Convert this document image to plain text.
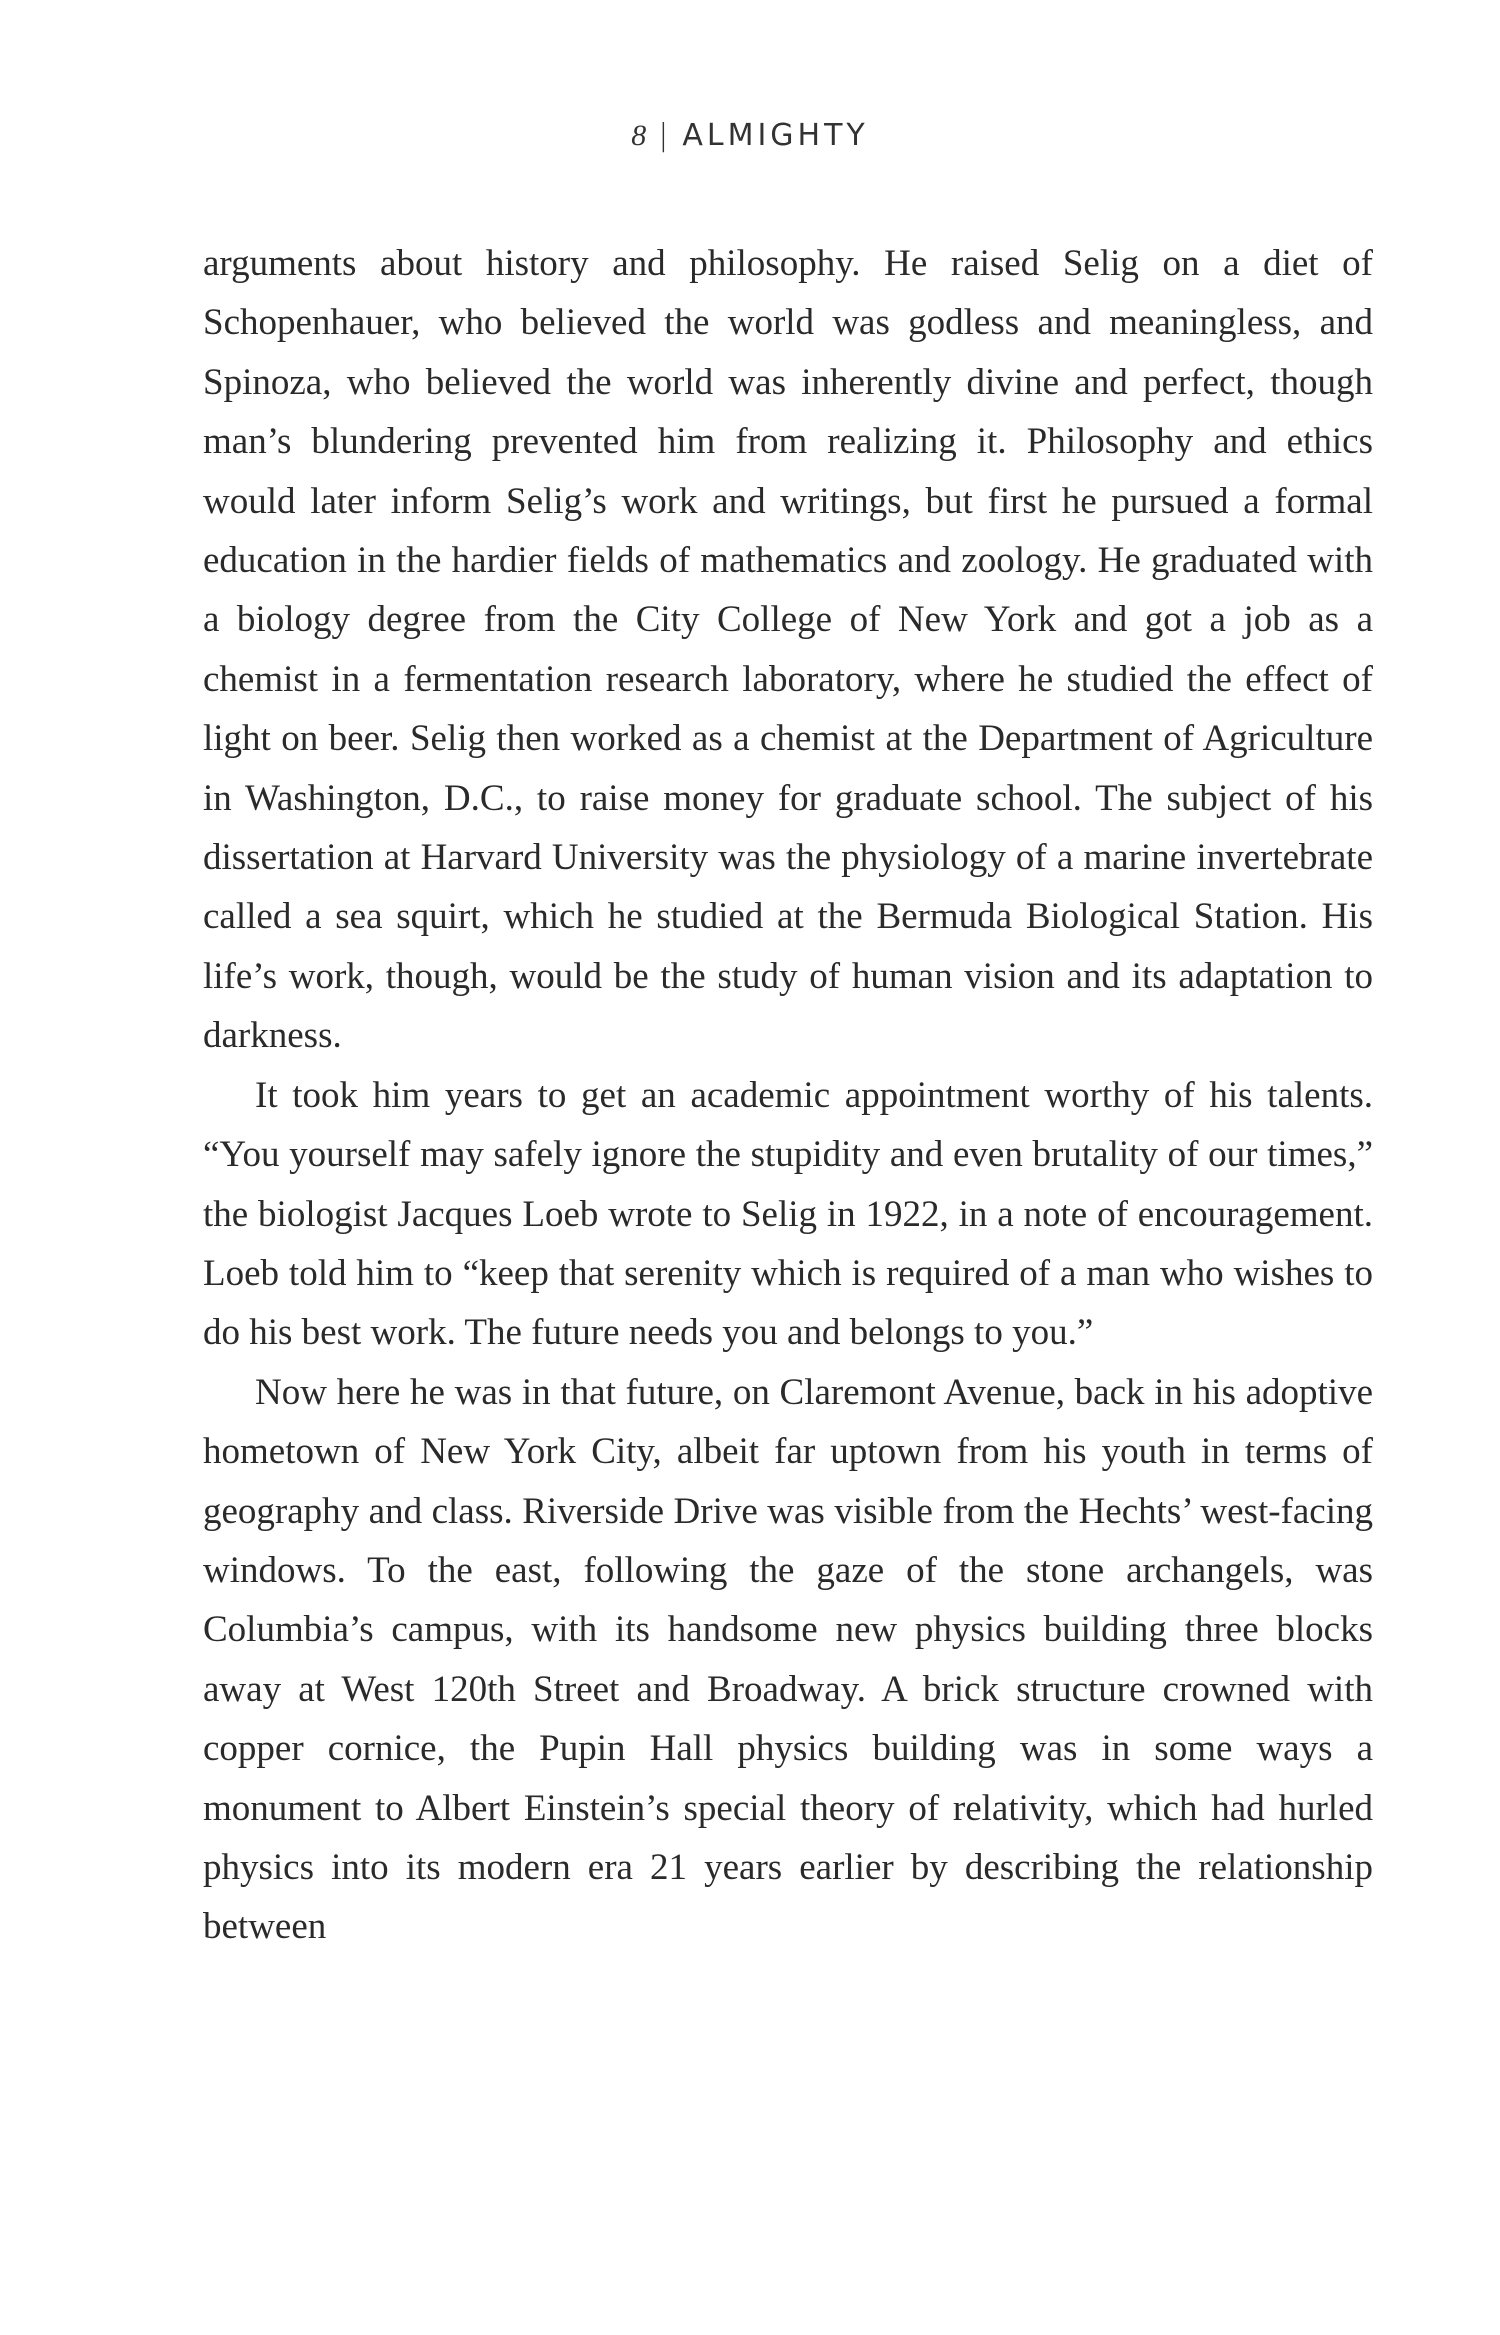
8 | ALMIGHTY

arguments about history and philosophy. He raised Selig on a diet of Schopenhauer, who believed the world was godless and meaningless, and Spinoza, who believed the world was inherently divine and perfect, though man’s blundering prevented him from realizing it. Philosophy and ethics would later inform Selig’s work and writings, but first he pursued a formal education in the hardier fields of mathematics and zoology. He graduated with a biology degree from the City College of New York and got a job as a chemist in a fermentation research laboratory, where he studied the effect of light on beer. Selig then worked as a chemist at the Department of Agriculture in Washington, D.C., to raise money for graduate school. The subject of his dissertation at Harvard University was the physiology of a marine invertebrate called a sea squirt, which he studied at the Bermuda Biological Station. His life’s work, though, would be the study of human vision and its adaptation to darkness.

It took him years to get an academic appointment worthy of his talents. “You yourself may safely ignore the stupidity and even brutality of our times,” the biologist Jacques Loeb wrote to Selig in 1922, in a note of encouragement. Loeb told him to “keep that serenity which is required of a man who wishes to do his best work. The future needs you and belongs to you.”

Now here he was in that future, on Claremont Avenue, back in his adoptive hometown of New York City, albeit far uptown from his youth in terms of geography and class. Riverside Drive was visible from the Hechts’ west-facing windows. To the east, following the gaze of the stone archangels, was Columbia’s campus, with its handsome new physics building three blocks away at West 120th Street and Broadway. A brick structure crowned with copper cornice, the Pupin Hall physics building was in some ways a monument to Albert Einstein’s special theory of relativity, which had hurled physics into its modern era 21 years earlier by describing the relationship between
